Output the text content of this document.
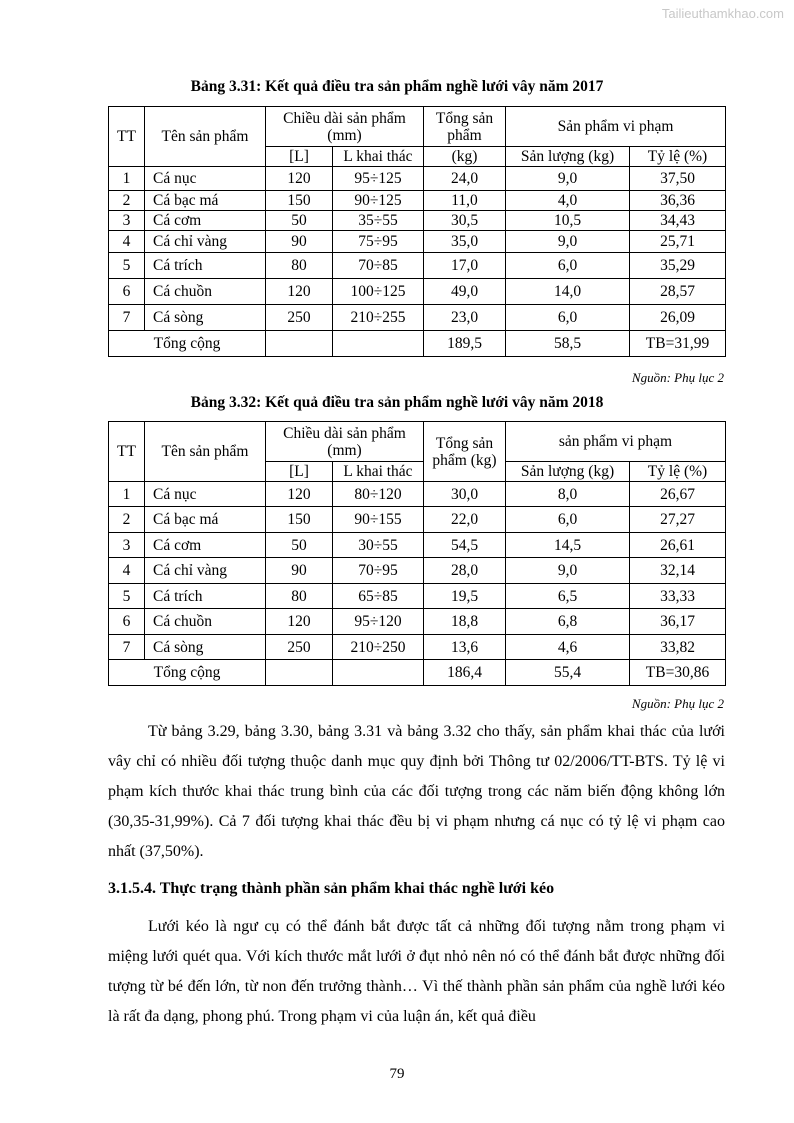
Tailieuthamkhao.com
Bảng 3.31: Kết quả điều tra sản phẩm nghề lưới vây năm 2017
TT	Tên sản phẩm	Chiều dài sản phẩm (mm)		Tổng sản phẩm	Sản phẩm vi phạm	
		[L]	L khai thác	(kg)	Sản lượng (kg)	Tỷ lệ (%)
1	Cá nục	120	95÷125	24,0	9,0	37,50
2	Cá bạc má	150	90÷125	11,0	4,0	36,36
3	Cá cơm	50	35÷55	30,5	10,5	34,43
4	Cá chỉ vàng	90	75÷95	35,0	9,0	25,71
5	Cá trích	80	70÷85	17,0	6,0	35,29
6	Cá chuồn	120	100÷125	49,0	14,0	28,57
7	Cá sòng	250	210÷255	23,0	6,0	26,09
Tổng cộng				189,5	58,5	TB=31,99
Nguồn: Phụ lục 2
Bảng 3.32: Kết quả điều tra sản phẩm nghề lưới vây năm 2018
TT	Tên sản phẩm	Chiều dài sản phẩm (mm)		Tổng sản phẩm (kg)	sản phẩm vi phạm	
		[L]	L khai thác		Sản lượng (kg)	Tỷ lệ (%)
1	Cá nục	120	80÷120	30,0	8,0	26,67
2	Cá bạc má	150	90÷155	22,0	6,0	27,27
3	Cá cơm	50	30÷55	54,5	14,5	26,61
4	Cá chỉ vàng	90	70÷95	28,0	9,0	32,14
5	Cá trích	80	65÷85	19,5	6,5	33,33
6	Cá chuồn	120	95÷120	18,8	6,8	36,17
7	Cá sòng	250	210÷250	13,6	4,6	33,82
Tổng cộng				186,4	55,4	TB=30,86
Nguồn: Phụ lục 2

Từ bảng 3.29, bảng 3.30, bảng 3.31 và bảng 3.32 cho thấy, sản phẩm khai thác của lưới vây chỉ có nhiều đối tượng thuộc danh mục quy định bởi Thông tư 02/2006/TT-BTS. Tỷ lệ vi phạm kích thước khai thác trung bình của các đối tượng trong các năm biến động không lớn (30,35-31,99%). Cả 7 đối tượng khai thác đều bị vi phạm nhưng cá nục có tỷ lệ vi phạm cao nhất (37,50%).

3.1.5.4. Thực trạng thành phần sản phẩm khai thác nghề lưới kéo

Lưới kéo là ngư cụ có thể đánh bắt được tất cả những đối tượng nằm trong phạm vi miệng lưới quét qua. Với kích thước mắt lưới ở đụt nhỏ nên nó có thể đánh bắt được những đối tượng từ bé đến lớn, từ non đến trưởng thành… Vì thế thành phần sản phẩm của nghề lưới kéo là rất đa dạng, phong phú. Trong phạm vi của luận án, kết quả điều

79
